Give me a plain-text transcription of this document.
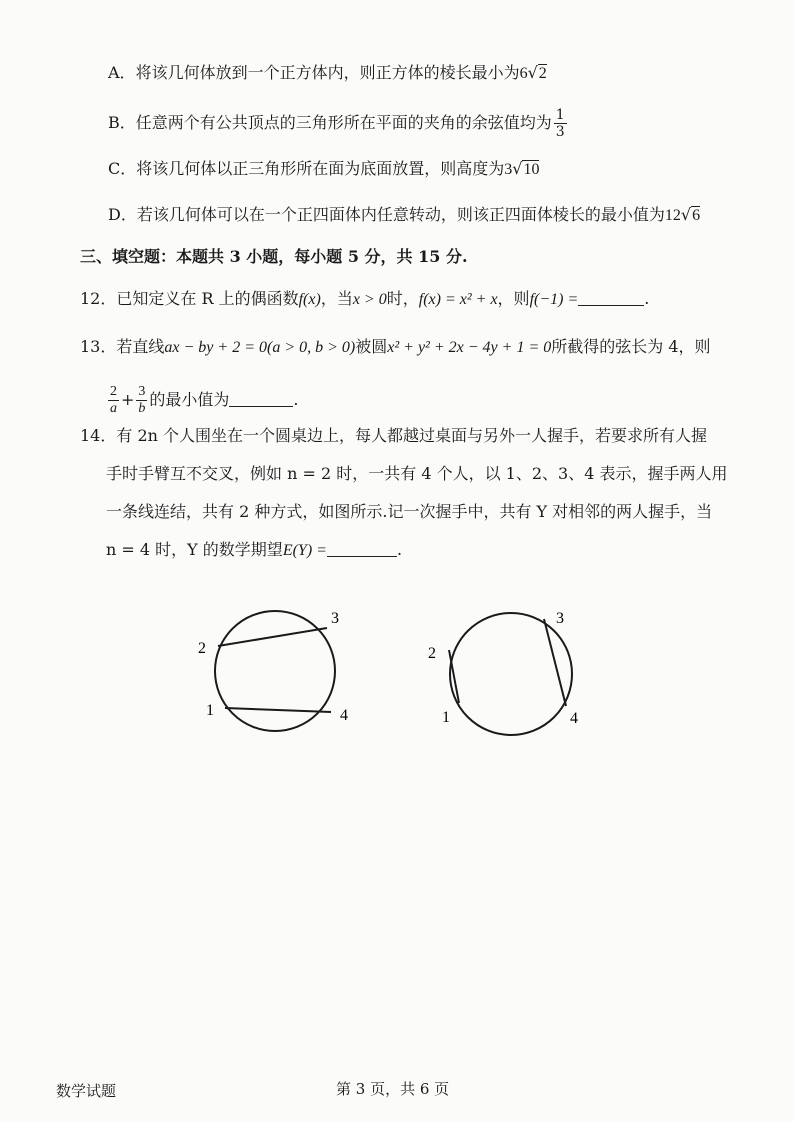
A．将该几何体放到一个正方体内，则正方体的棱长最小为6√2
B．任意两个有公共顶点的三角形所在平面的夹角的余弦值均为 $\frac{1}{3}$
C．将该几何体以正三角形所在面为底面放置，则高度为3√10
D．若该几何体可以在一个正四面体内任意转动，则该正四面体棱长的最小值为12√6
三、填空题：本题共 3 小题，每小题 5 分，共 15 分.
12．已知定义在 R 上的偶函数f(x)，当x > 0时，f(x) = x² + x，则f(−1) =	.
13．若直线ax − by + 2 = 0(a > 0, b > 0)被圆x² + y² + 2x − 4y + 1 = 0所截得的弦长为 4，则
$\frac{2}{a} + \frac{3}{b}$ 的最小值为	.
14．有 2n 个人围坐在一个圆桌边上，每人都越过桌面与另外一人握手，若要求所有人握
手时手臂互不交叉，例如 n = 2 时，一共有 4 个人，以 1、2、3、4 表示，握手两人用
一条线连结，共有 2 种方式，如图所示.记一次握手中，共有 Y 对相邻的两人握手，当
n = 4 时，Y 的数学期望E(Y) =	.
1
2
3
4	1
2
3
4
数学试题	第 3 页，共 6 页
